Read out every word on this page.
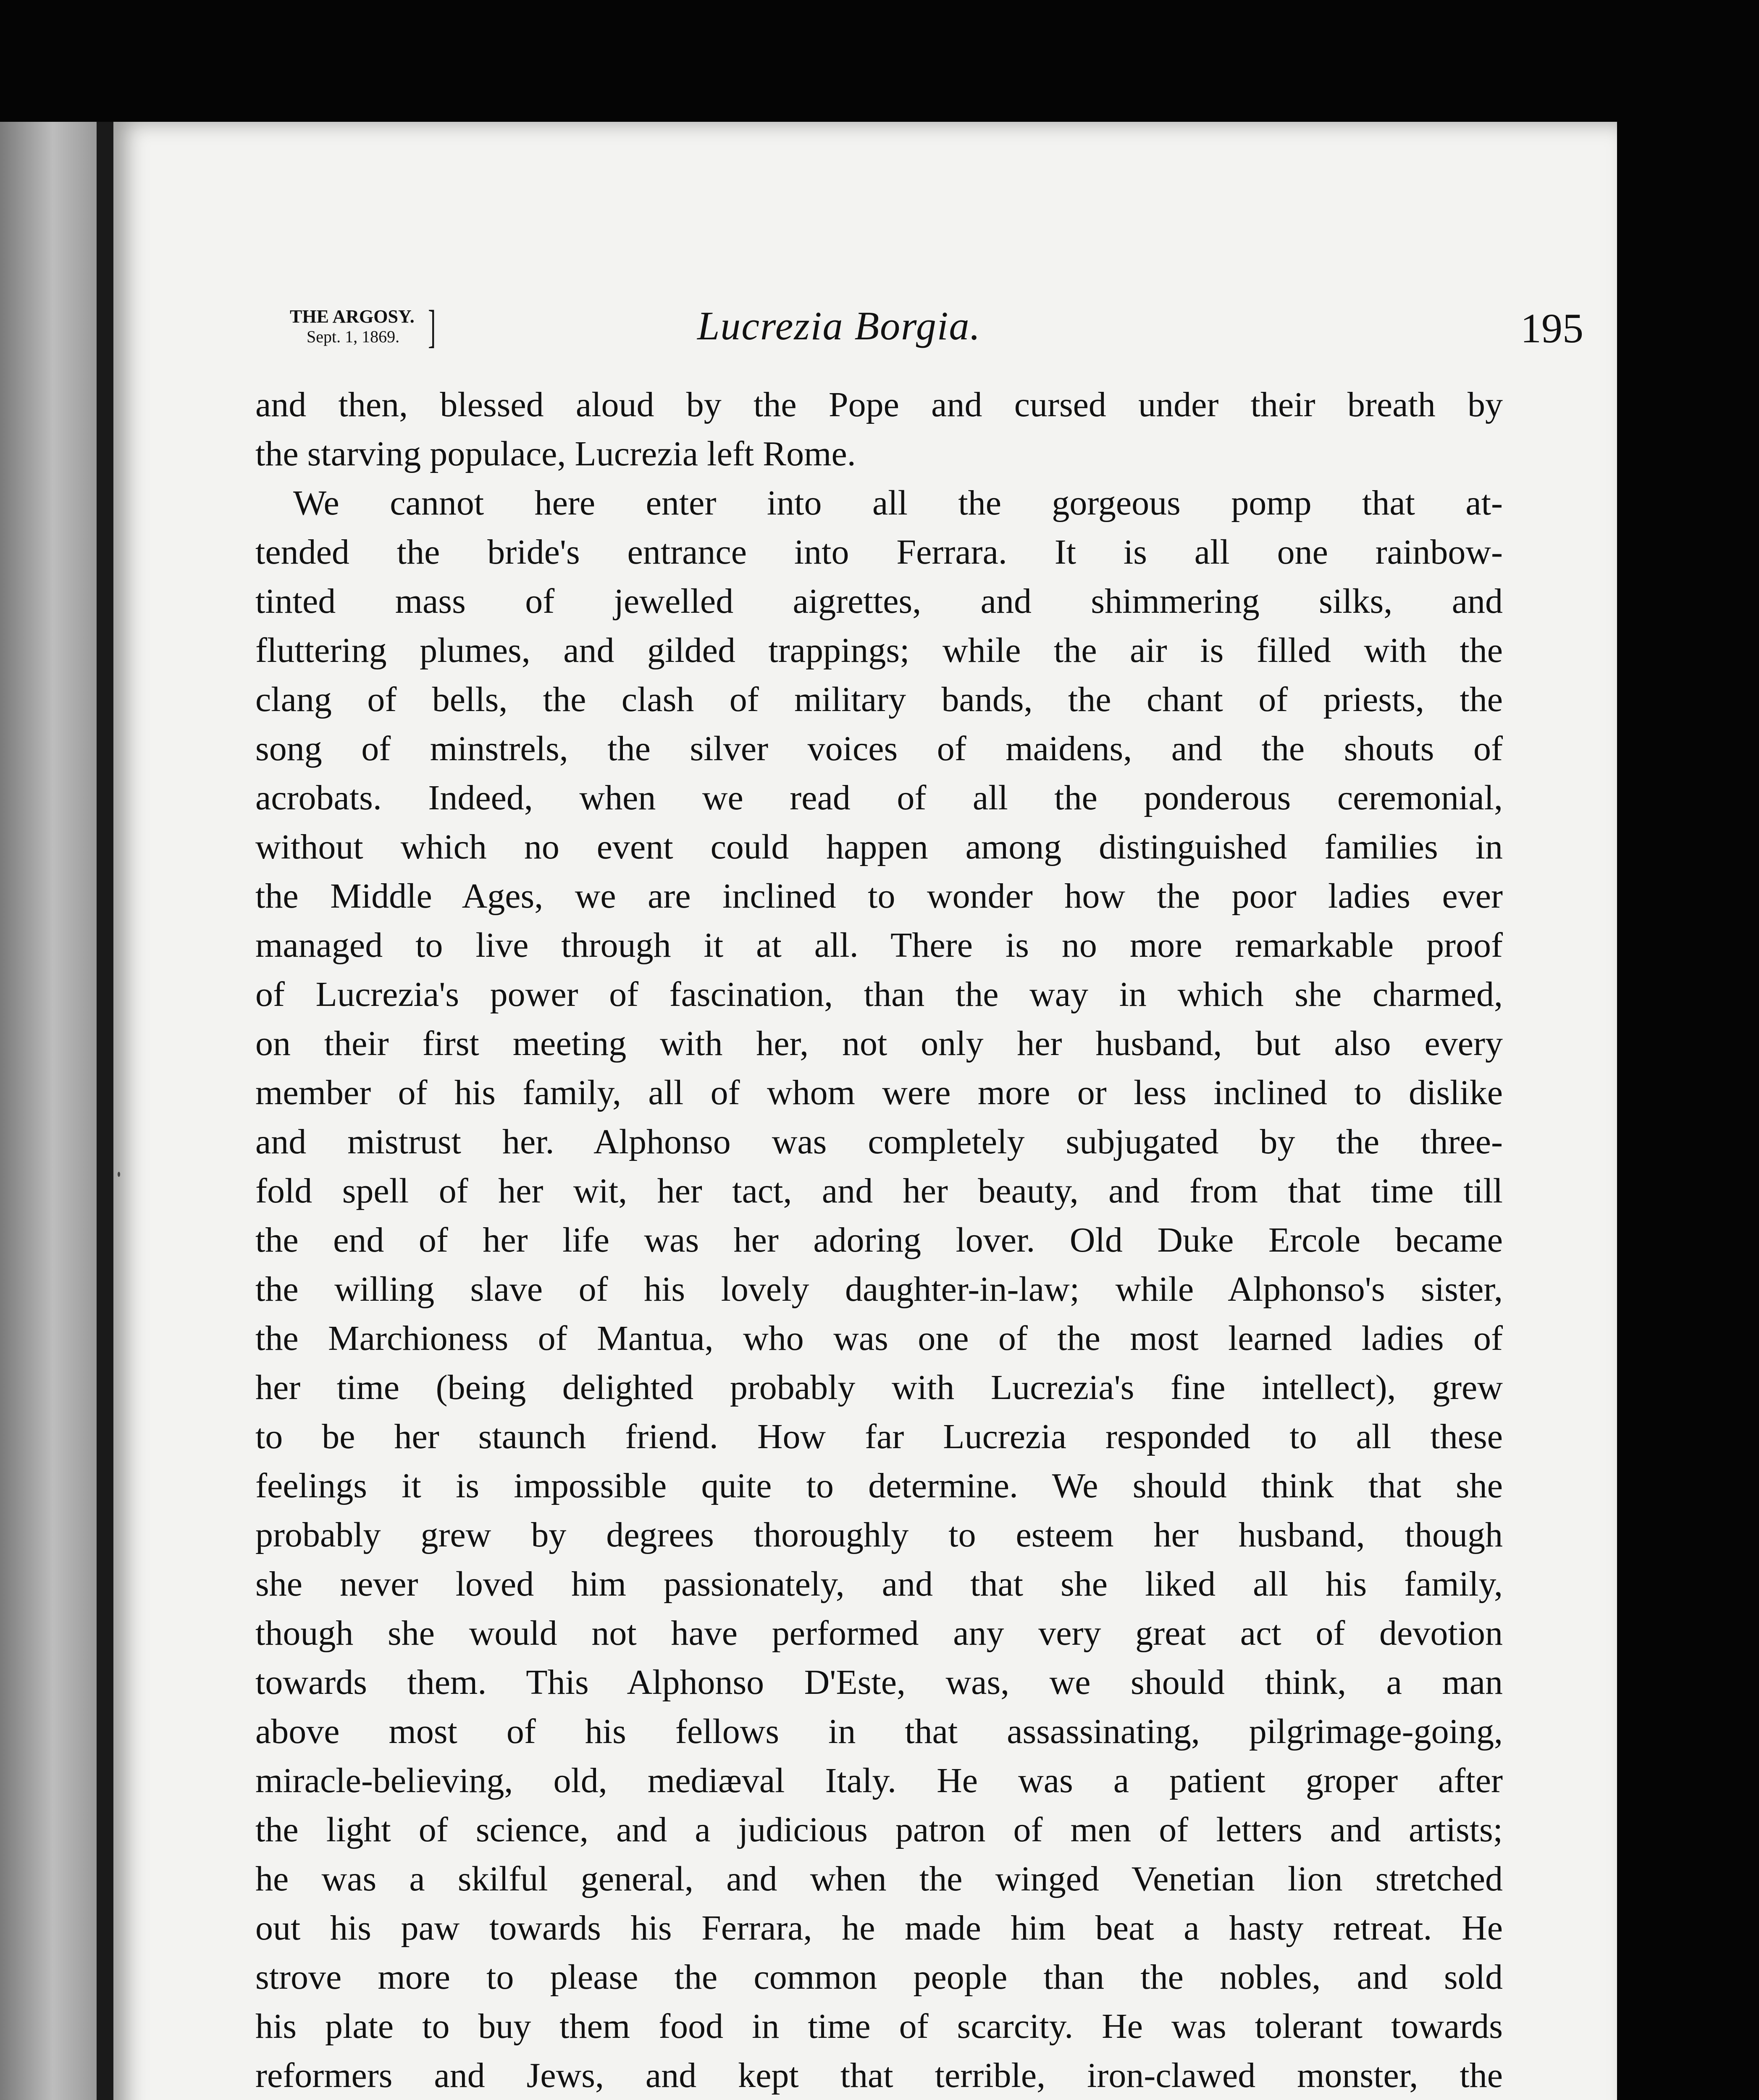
THE ARGOSY.
Sept. 1, 1869. ]	Lucrezia Borgia.	195
and then, blessed aloud by the Pope and cursed under their breath by
the starving populace, Lucrezia left Rome.
We cannot here enter into all the gorgeous pomp that at-
tended the bride's entrance into Ferrara. It is all one rainbow-
tinted mass of jewelled aigrettes, and shimmering silks, and
fluttering plumes, and gilded trappings; while the air is filled with the
clang of bells, the clash of military bands, the chant of priests, the
song of minstrels, the silver voices of maidens, and the shouts of
acrobats. Indeed, when we read of all the ponderous ceremonial,
without which no event could happen among distinguished families in
the Middle Ages, we are inclined to wonder how the poor ladies ever
managed to live through it at all. There is no more remarkable proof
of Lucrezia's power of fascination, than the way in which she charmed,
on their first meeting with her, not only her husband, but also every
member of his family, all of whom were more or less inclined to dislike
and mistrust her. Alphonso was completely subjugated by the three-
fold spell of her wit, her tact, and her beauty, and from that time till
the end of her life was her adoring lover. Old Duke Ercole became
the willing slave of his lovely daughter-in-law; while Alphonso's sister,
the Marchioness of Mantua, who was one of the most learned ladies of
her time (being delighted probably with Lucrezia's fine intellect), grew
to be her staunch friend. How far Lucrezia responded to all these
feelings it is impossible quite to determine. We should think that she
probably grew by degrees thoroughly to esteem her husband, though
she never loved him passionately, and that she liked all his family,
though she would not have performed any very great act of devotion
towards them. This Alphonso D'Este, was, we should think, a man
above most of his fellows in that assassinating, pilgrimage-going,
miracle-believing, old, mediæval Italy. He was a patient groper after
the light of science, and a judicious patron of men of letters and artists;
he was a skilful general, and when the winged Venetian lion stretched
out his paw towards his Ferrara, he made him beat a hasty retreat. He
strove more to please the common people than the nobles, and sold
his plate to buy them food in time of scarcity. He was tolerant towards
reformers and Jews, and kept that terrible, iron-clawed monster, the
